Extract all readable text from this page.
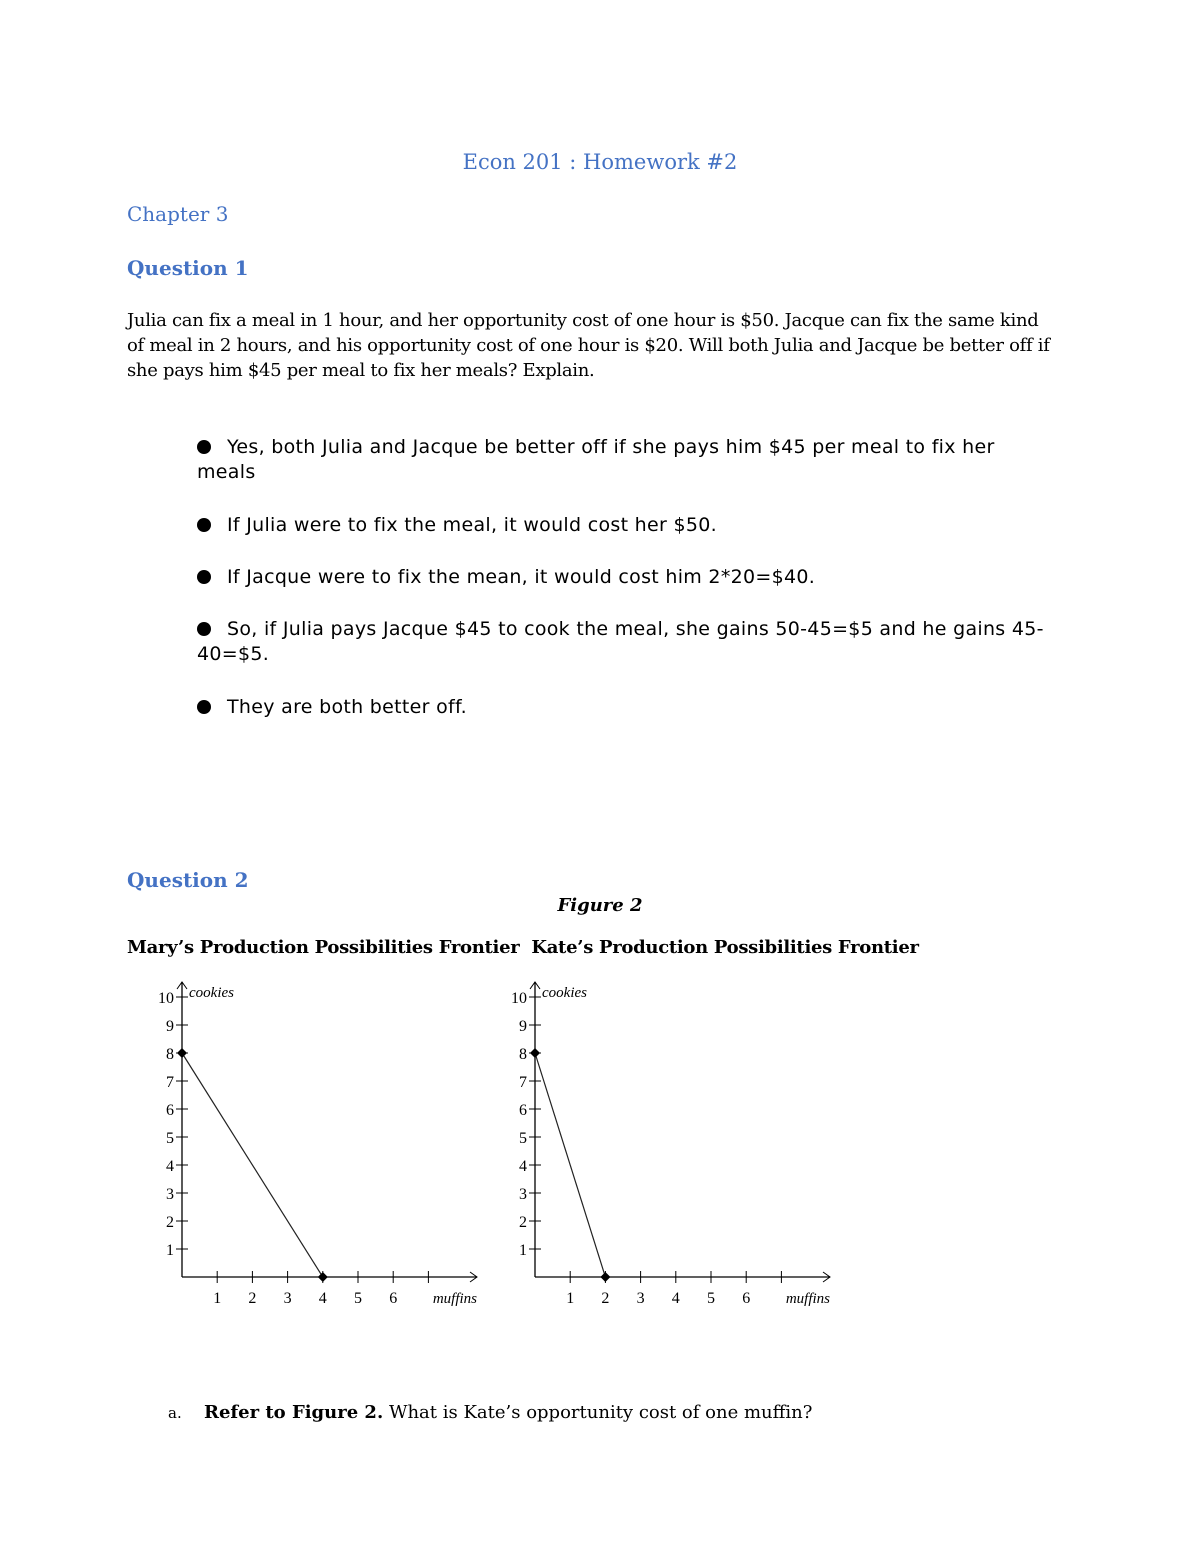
Econ 201 : Homework #2
Chapter 3
Question 1
Julia can fix a meal in 1 hour, and her opportunity cost of one hour is $50. Jacque can fix the same kind of meal in 2 hours, and his opportunity cost of one hour is $20. Will both Julia and Jacque be better off if she pays him $45 per meal to fix her meals? Explain.
Yes, both Julia and Jacque be better off if she pays him $45 per meal to fix her meals
If Julia were to fix the meal, it would cost her $50.
If Jacque were to fix the mean, it would cost him 2*20=$40.
So, if Julia pays Jacque $45 to cook the meal, she gains 50-45=$5 and he gains 45-40=$5.
They are both better off.
Question 2
Figure 2
Mary’s Production Possibilities Frontier  Kate’s Production Possibilities Frontier
1 2 3 4 5 6
1
2
3
4
5
6
7
8
9
10 cookies
muffins	1 2 3 4 5 6
1
2
3
4
5
6
7
8
9
10 cookies
muffins
a. Refer to Figure 2. What is Kate’s opportunity cost of one muffin?
